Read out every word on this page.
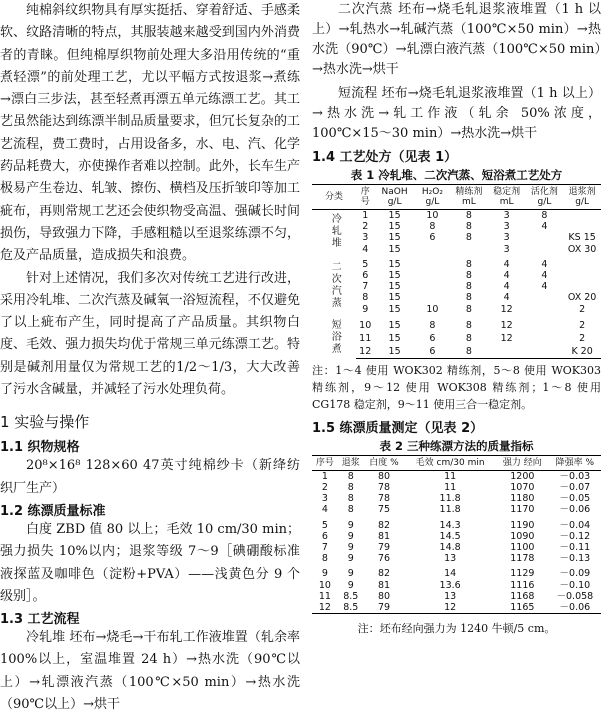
纯棉斜纹织物具有厚实挺括、穿着舒适、手感柔软、纹路清晰的特点，其服装越来越受到国内外消费者的青睐。但纯棉厚织物前处理大多沿用传统的“重煮轻漂”的前处理工艺，尤以平幅方式按退浆→煮练→漂白三步法，甚至轻煮再漂五单元练漂工艺。其工艺虽然能达到练漂半制品质量要求，但冗长复杂的工艺流程，费工费时，占用设备多，水、电、汽、化学药品耗费大，亦使操作者难以控制。此外，长车生产极易产生卷边、轧皱、擦伤、横档及压折皱印等加工疵布，再则常规工艺还会使织物受高温、强碱长时间损伤，导致强力下降，手感粗糙以至退浆练漂不匀，危及产品质量，造成损失和浪费。

针对上述情况，我们多次对传统工艺进行改进，采用冷轧堆、二次汽蒸及碱氧一浴短流程，不仅避免了以上疵布产生，同时提高了产品质量。其织物白度、毛效、强力损失均优于常规三单元练漂工艺。特别是碱剂用量仅为常规工艺的1/2～1/3，大大改善了污水含碱量，并减轻了污水处理负荷。

1 实验与操作

1.1 织物规格

20⁸×16⁸ 128×60 47英寸纯棉纱卡（新绛纺织厂生产）

1.2 练漂质量标准

白度 ZBD 值 80 以上；毛效 10 cm/30 min；强力损失 10%以内；退浆等级 7～9［碘硼酸标准液探蓝及咖啡色（淀粉+PVA）——浅黄色分 9 个级别］。

1.3 工艺流程

冷轧堆 坯布→烧毛→干布轧工作液堆置（轧余率 100%以上，室温堆置 24 h）→热水洗（90℃以上）→轧漂液汽蒸（100℃×50 min）→热水洗（90℃以上）→烘干

二次汽蒸 坯布→烧毛轧退浆液堆置（1 h 以上）→轧热水→轧碱汽蒸（100℃×50 min）→热水洗（90℃）→轧漂白液汽蒸（100℃×50 min）→热水洗→烘干

短流程 坯布→烧毛轧退浆液堆置（1 h 以上）→热水洗→轧工作液（轧余 50%浓度，100℃×15～30 min）→热水洗→烘干

1.4 工艺处方（见表 1）

表 1 冷轧堆、二次汽蒸、短浴煮工艺处方

分类	序号	NaOH g/L	H₂O₂ g/L	精练剂 mL	稳定剂 mL	活化剂 g/L	退浆剂 g/L
冷轧堆	1	15	10	8	3	8	
	2	15	8	8	3	4	
	3	15	6	8	3		KS 15
	4	15			3		OX 30
二次汽蒸	5	15		8	4	4	
	6	15		8	4	4	
	7	15		8	4	4	
	8	15		8	4		OX 20
	9	15	10	8	12		2
短浴煮	10	15	8	8	12		2
	11	15	6	8	12		2
	12	15	6	8			K 20

注：1～4 使用 WOK302 精练剂，5～8 使用 WOK303 精练剂，9～12 使用 WOK308 精练剂；1～8 使用 CG178 稳定剂，9～11 使用三合一稳定剂。

1.5 练漂质量测定（见表 2）

表 2 三种练漂方法的质量指标

序号	退浆	白度 %	毛效 cm/30 min	强力 经向	降强率 %
1	8	80	11	1200	－0.03
2	8	78	11	1070	－0.07
3	8	78	11.8	1180	－0.05
4	8	75	11.8	1170	－0.06
5	9	82	14.3	1190	－0.04
6	9	81	14.5	1090	－0.12
7	9	79	14.8	1100	－0.11
8	9	76	13	1178	－0.13
9	9	82	14	1129	－0.09
10	9	81	13.6	1116	－0.10
11	8.5	80	13	1168	－0.058
12	8.5	79	12	1165	－0.06

注：坯布经向强力为 1240 牛顿/5 cm。
